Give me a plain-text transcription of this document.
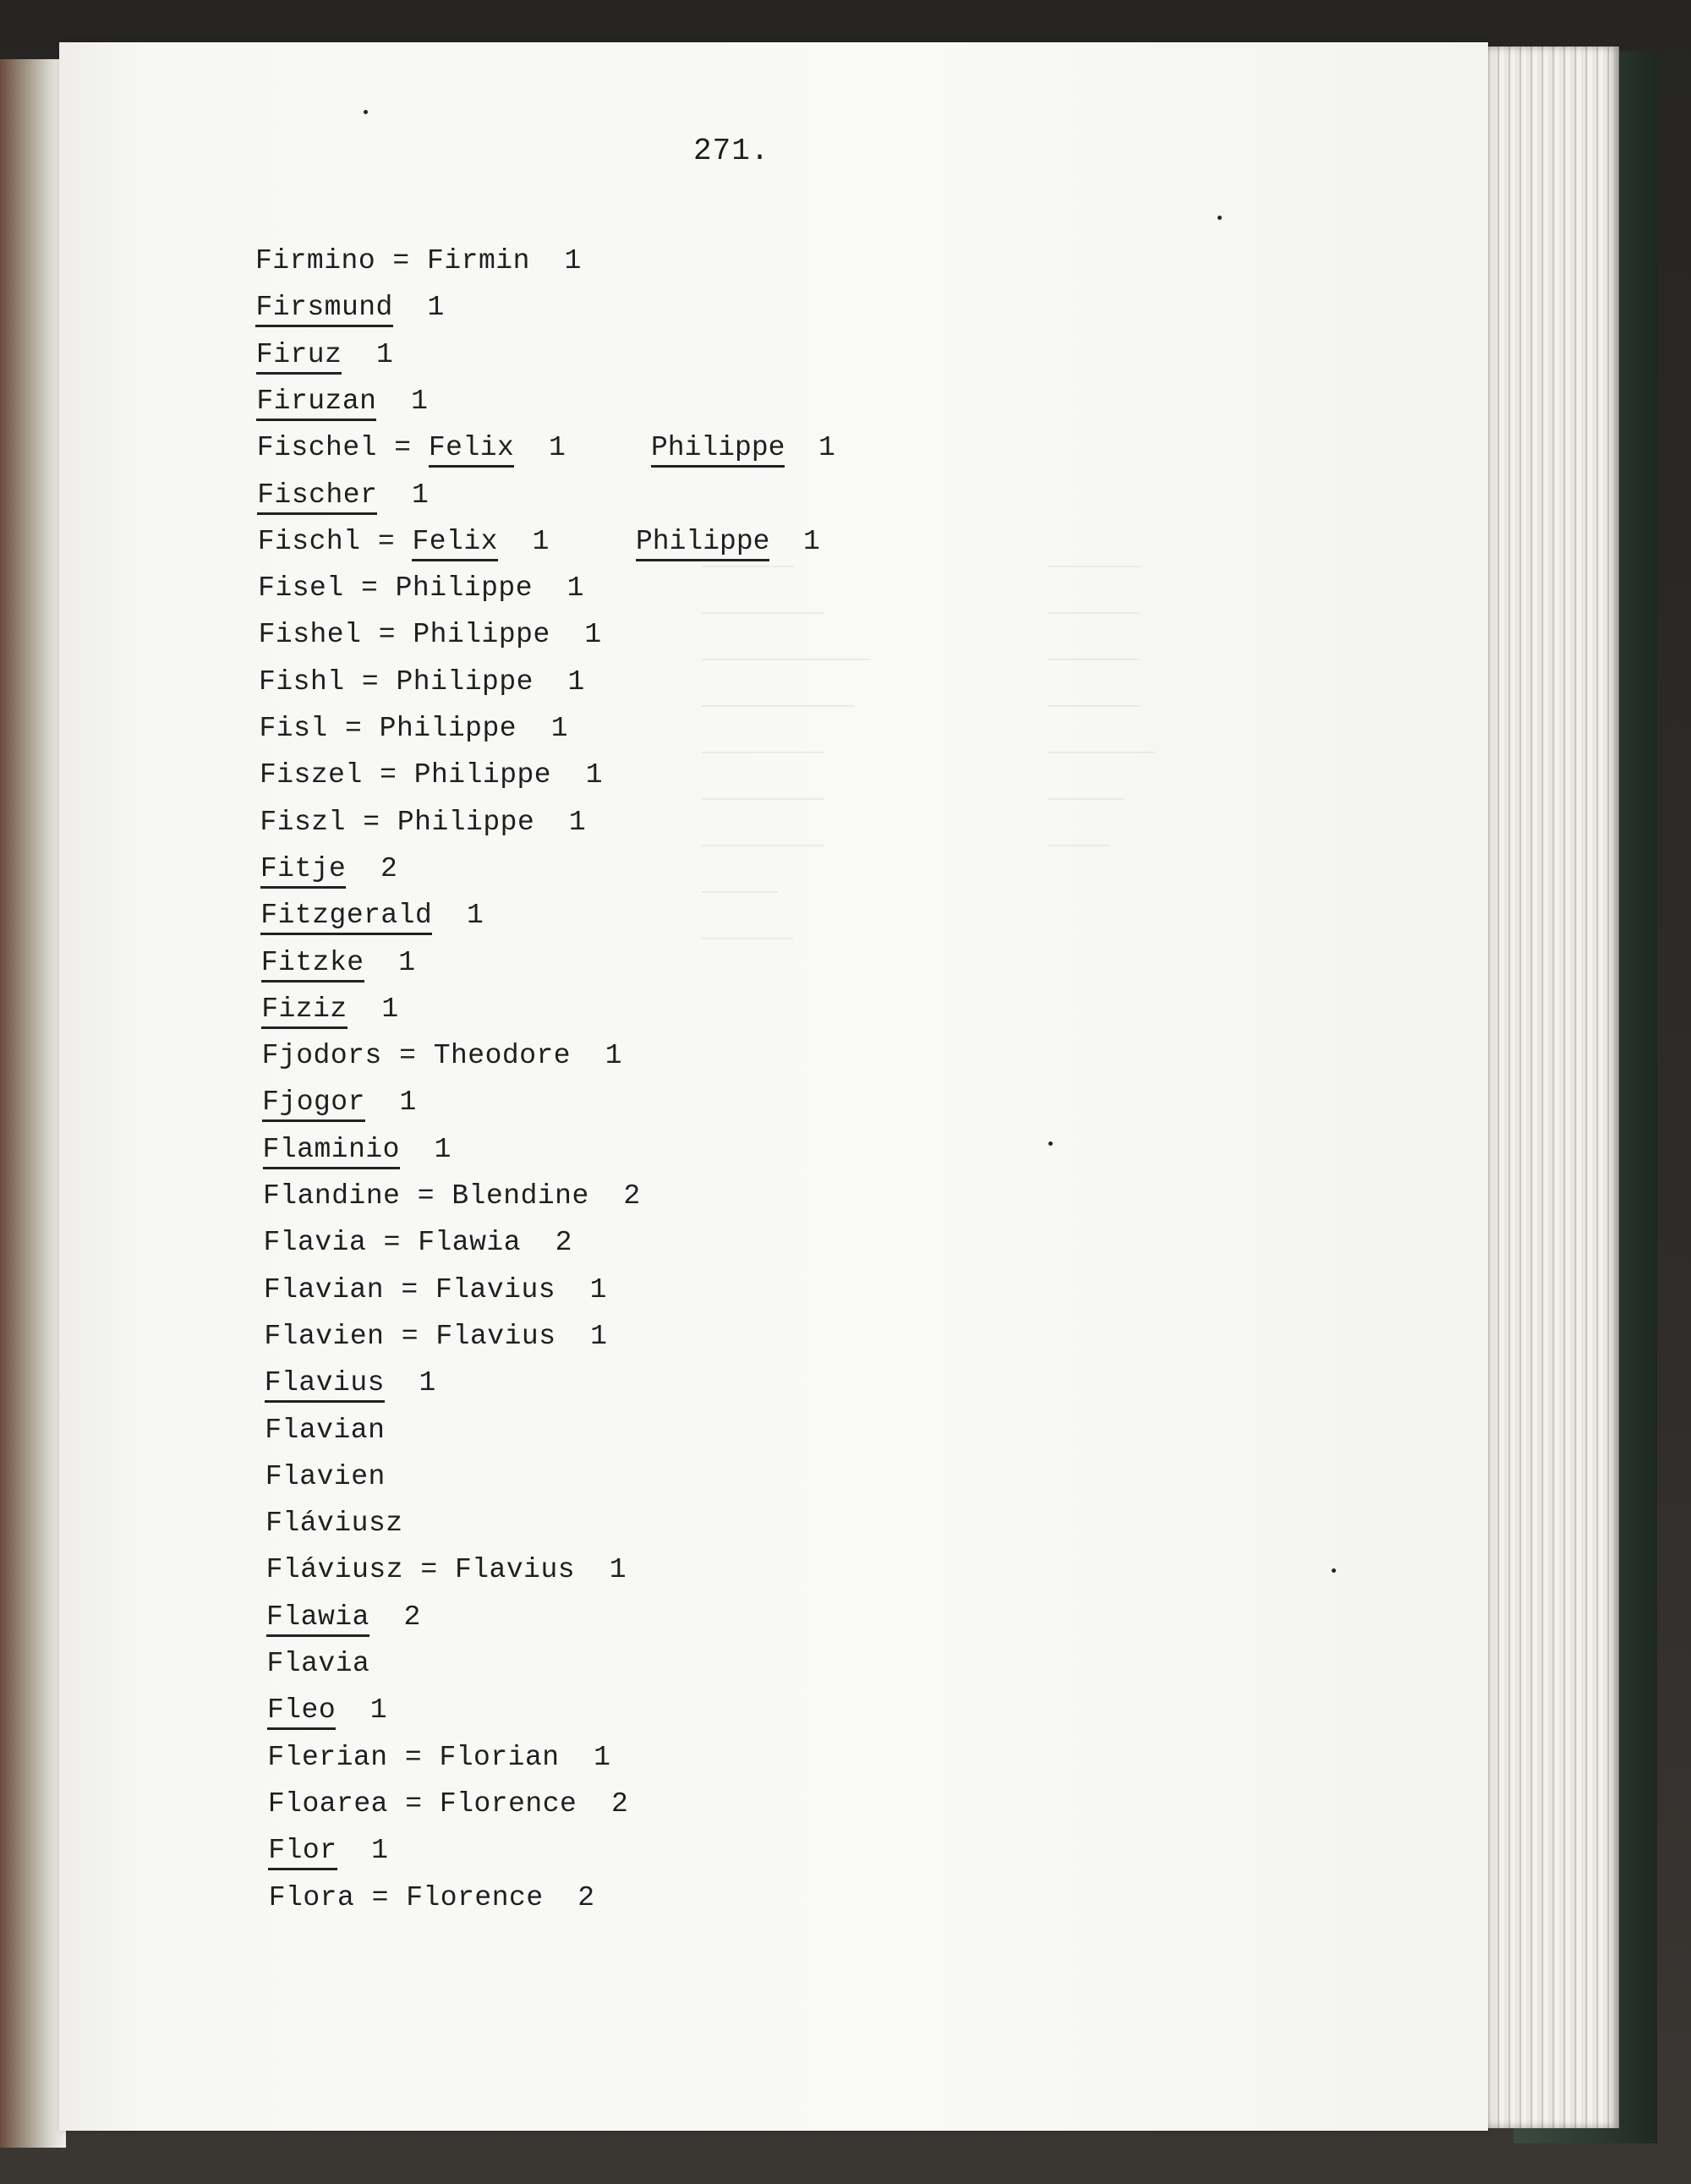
──────	──────
────────	──────
───────────	──────
──────────	──────
────────	───────
────────	─────
────────	────
─────
──────
271.
Firmino = Firmin 1
Firsmund 1
Firuz 1
Firuzan 1
Fischel = Felix 1	Philippe 1
Fischer 1
Fischl = Felix 1	Philippe 1
Fisel = Philippe 1
Fishel = Philippe 1
Fishl = Philippe 1
Fisl = Philippe 1
Fiszel = Philippe 1
Fiszl = Philippe 1
Fitje 2
Fitzgerald 1
Fitzke 1
Fiziz 1
Fjodors = Theodore 1
Fjogor 1
Flaminio 1
Flandine = Blendine 2
Flavia = Flawia 2
Flavian = Flavius 1
Flavien = Flavius 1
Flavius 1
Flavian
Flavien
Fláviusz
Fláviusz = Flavius 1
Flawia 2
Flavia
Fleo 1
Flerian = Florian 1
Floarea = Florence 2
Flor 1
Flora = Florence 2
